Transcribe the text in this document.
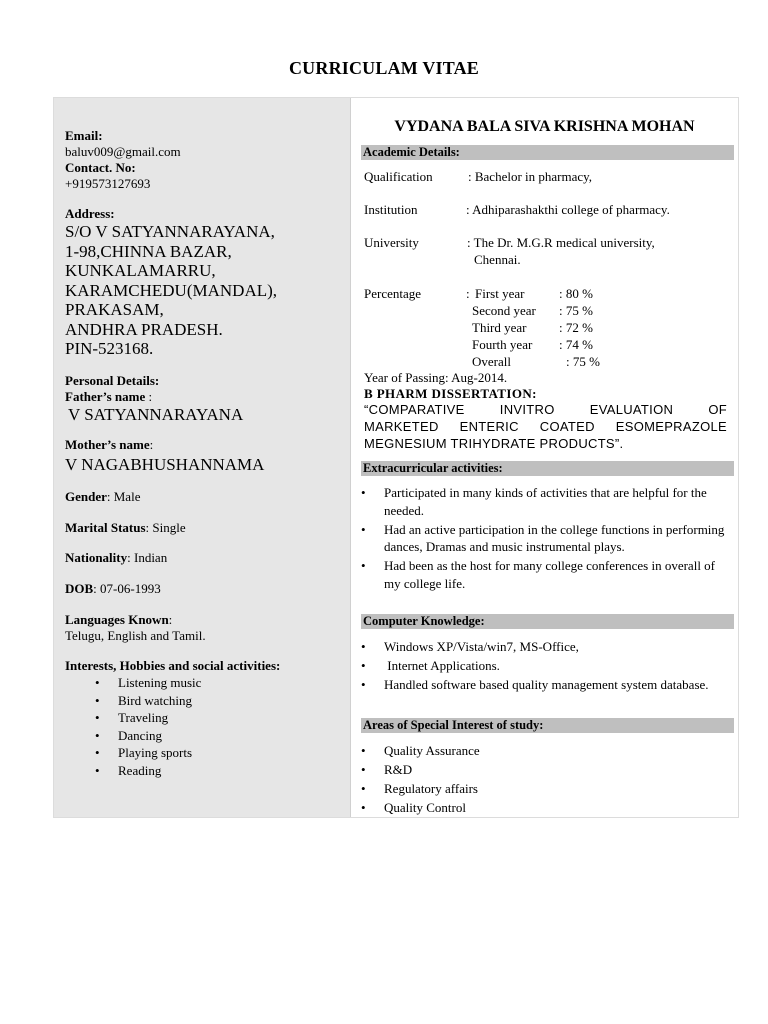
CURRICULAM VITAE
Email:
baluv009@gmail.com
Contact. No:
+919573127693
Address:
S/O V SATYANNARAYANA,
1-98,CHINNA BAZAR,
KUNKALAMARRU,
KARAMCHEDU(MANDAL),
PRAKASAM,
ANDHRA PRADESH.
PIN-523168.
Personal Details:
Father’s name :
V SATYANNARAYANA
Mother’s name:
V NAGABHUSHANNAMA
Gender: Male
Marital Status: Single
Nationality: Indian
DOB: 07-06-1993
Languages Known:
Telugu, English and Tamil.
Interests, Hobbies and social activities:
• Listening music
• Bird watching
• Traveling
• Dancing
• Playing sports
• Reading
VYDANA BALA SIVA KRISHNA MOHAN
Academic Details:
Qualification	: Bachelor in pharmacy,
Institution	: Adhiparashakthi college of pharmacy.
University	: The Dr. M.G.R medical university,
Chennai.
Percentage	: First year	: 80 %
Second year : 75 %
Third year : 72 %
Fourth year : 74 %
Overall	: 75 %
Year of Passing: Aug-2014.
B PHARM DISSERTATION:
“COMPARATIVE INVITRO EVALUATION OF
MARKETED ENTERIC COATED ESOMEPRAZOLE
MEGNESIUM TRIHYDRATE PRODUCTS”.
Extracurricular activities:
• Participated in many kinds of activities that are helpful for the needed.
• Had an active participation in the college functions in performing dances, Dramas and music instrumental plays.
• Had been as the host for many college conferences in overall of my college life.
Computer Knowledge:
• Windows XP/Vista/win7, MS-Office,
•  Internet Applications.
• Handled software based quality management system database.
Areas of Special Interest of study:
• Quality Assurance
• R&D
• Regulatory affairs
• Quality Control
